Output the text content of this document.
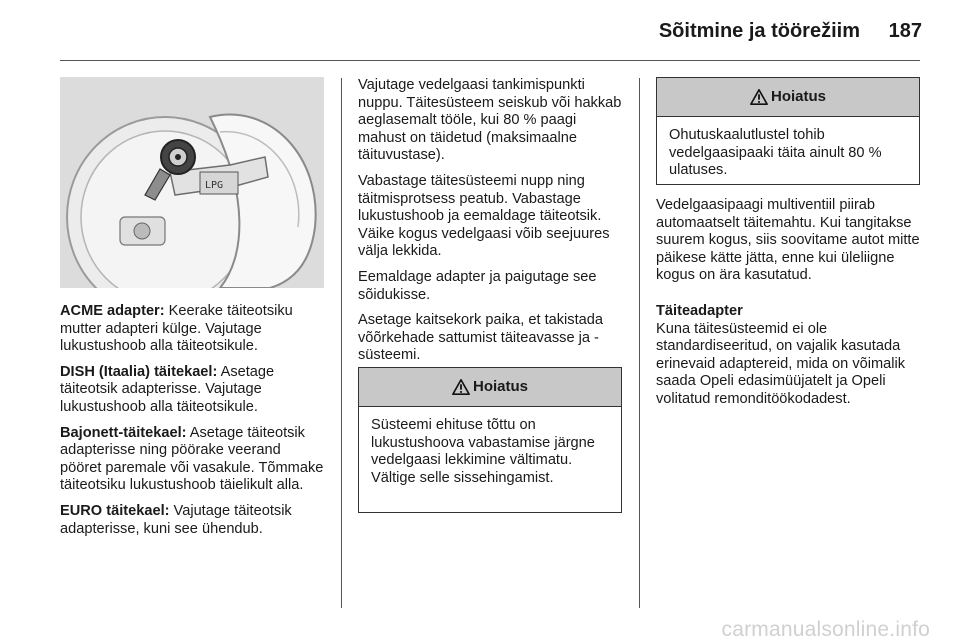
Sõitmine ja töörežiim	187
LPG

ACME adapter: Keerake täiteotsiku mutter adapteri külge. Vajutage lukustushoob alla täiteotsikule.

DISH (Itaalia) täitekael: Asetage täiteotsik adapterisse. Vajutage lukustushoob alla täiteotsikule.

Bajonett-täitekael: Asetage täiteotsik adapterisse ning pöörake veerand pööret paremale või vasakule. Tõmmake täiteotsiku lukustushoob täielikult alla.

EURO täitekael: Vajutage täiteotsik adapterisse, kuni see ühendub.

Vajutage vedelgaasi tankimispunkti nuppu. Täitesüsteem seiskub või hakkab aeglasemalt tööle, kui 80 % paagi mahust on täidetud (maksimaalne täituvustase).

Vabastage täitesüsteemi nupp ning täitmisprotsess peatub. Vabastage lukustushoob ja eemaldage täiteotsik. Väike kogus vedelgaasi võib seejuures välja lekkida.

Eemaldage adapter ja paigutage see sõidukisse.

Asetage kaitsekork paika, et takistada võõrkehade sattumist täiteavasse ja -süsteemi.

Hoiatus
Süsteemi ehituse tõttu on lukustushoova vabastamise järgne vedelgaasi lekkimine vältimatu. Vältige selle sissehingamist.
Hoiatus
Ohutuskaalutlustel tohib vedelgaasipaaki täita ainult 80 % ulatuses.

Vedelgaasipaagi multiventiil piirab automaatselt täitemahtu. Kui tangitakse suurem kogus, siis soovitame autot mitte päikese kätte jätta, enne kui üleliigne kogus on ära kasutatud.

Täiteadapter

Kuna täitesüsteemid ei ole standardiseeritud, on vajalik kasutada erinevaid adaptereid, mida on võimalik saada Opeli edasimüüjatelt ja Opeli volitatud remonditöökodadest.

carmanualsonline.info
